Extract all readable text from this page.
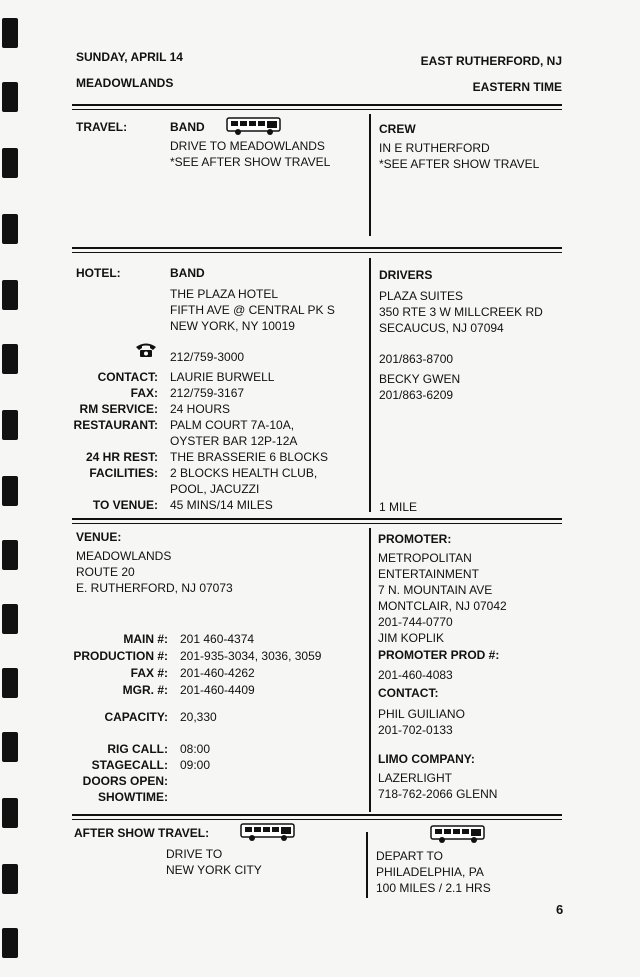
SUNDAY, APRIL 14	EAST RUTHERFORD, NJ
MEADOWLANDS	EASTERN TIME
TRAVEL:	BAND
DRIVE TO MEADOWLANDS
*SEE AFTER SHOW TRAVEL
CREW
IN E RUTHERFORD
*SEE AFTER SHOW TRAVEL
HOTEL:	BAND
THE PLAZA HOTEL
FIFTH AVE @ CENTRAL PK S
NEW YORK, NY 10019
212/759-3000
CONTACT: LAURIE BURWELL
FAX: 212/759-3167
RM SERVICE: 24 HOURS
RESTAURANT: PALM COURT 7A-10A,
OYSTER BAR 12P-12A
24 HR REST: THE BRASSERIE 6 BLOCKS
FACILITIES: 2 BLOCKS HEALTH CLUB,
POOL, JACUZZI
TO VENUE: 45 MINS/14 MILES
DRIVERS
PLAZA SUITES
350 RTE 3 W MILLCREEK RD
SECAUCUS, NJ 07094
201/863-8700
BECKY GWEN
201/863-6209
1 MILE
VENUE:
MEADOWLANDS
ROUTE 20
E. RUTHERFORD, NJ 07073
MAIN #: 201 460-4374
PRODUCTION #: 201-935-3034, 3036, 3059
FAX #: 201-460-4262
MGR. #: 201-460-4409
CAPACITY: 20,330
RIG CALL: 08:00
STAGECALL: 09:00
DOORS OPEN:
SHOWTIME:
PROMOTER:
METROPOLITAN
ENTERTAINMENT
7 N. MOUNTAIN AVE
MONTCLAIR, NJ 07042
201-744-0770
JIM KOPLIK
PROMOTER PROD #:
201-460-4083
CONTACT:
PHIL GUILIANO
201-702-0133
LIMO COMPANY:
LAZERLIGHT
718-762-2066 GLENN
AFTER SHOW TRAVEL:
DRIVE TO
NEW YORK CITY
DEPART TO
PHILADELPHIA, PA
100 MILES / 2.1 HRS
6
